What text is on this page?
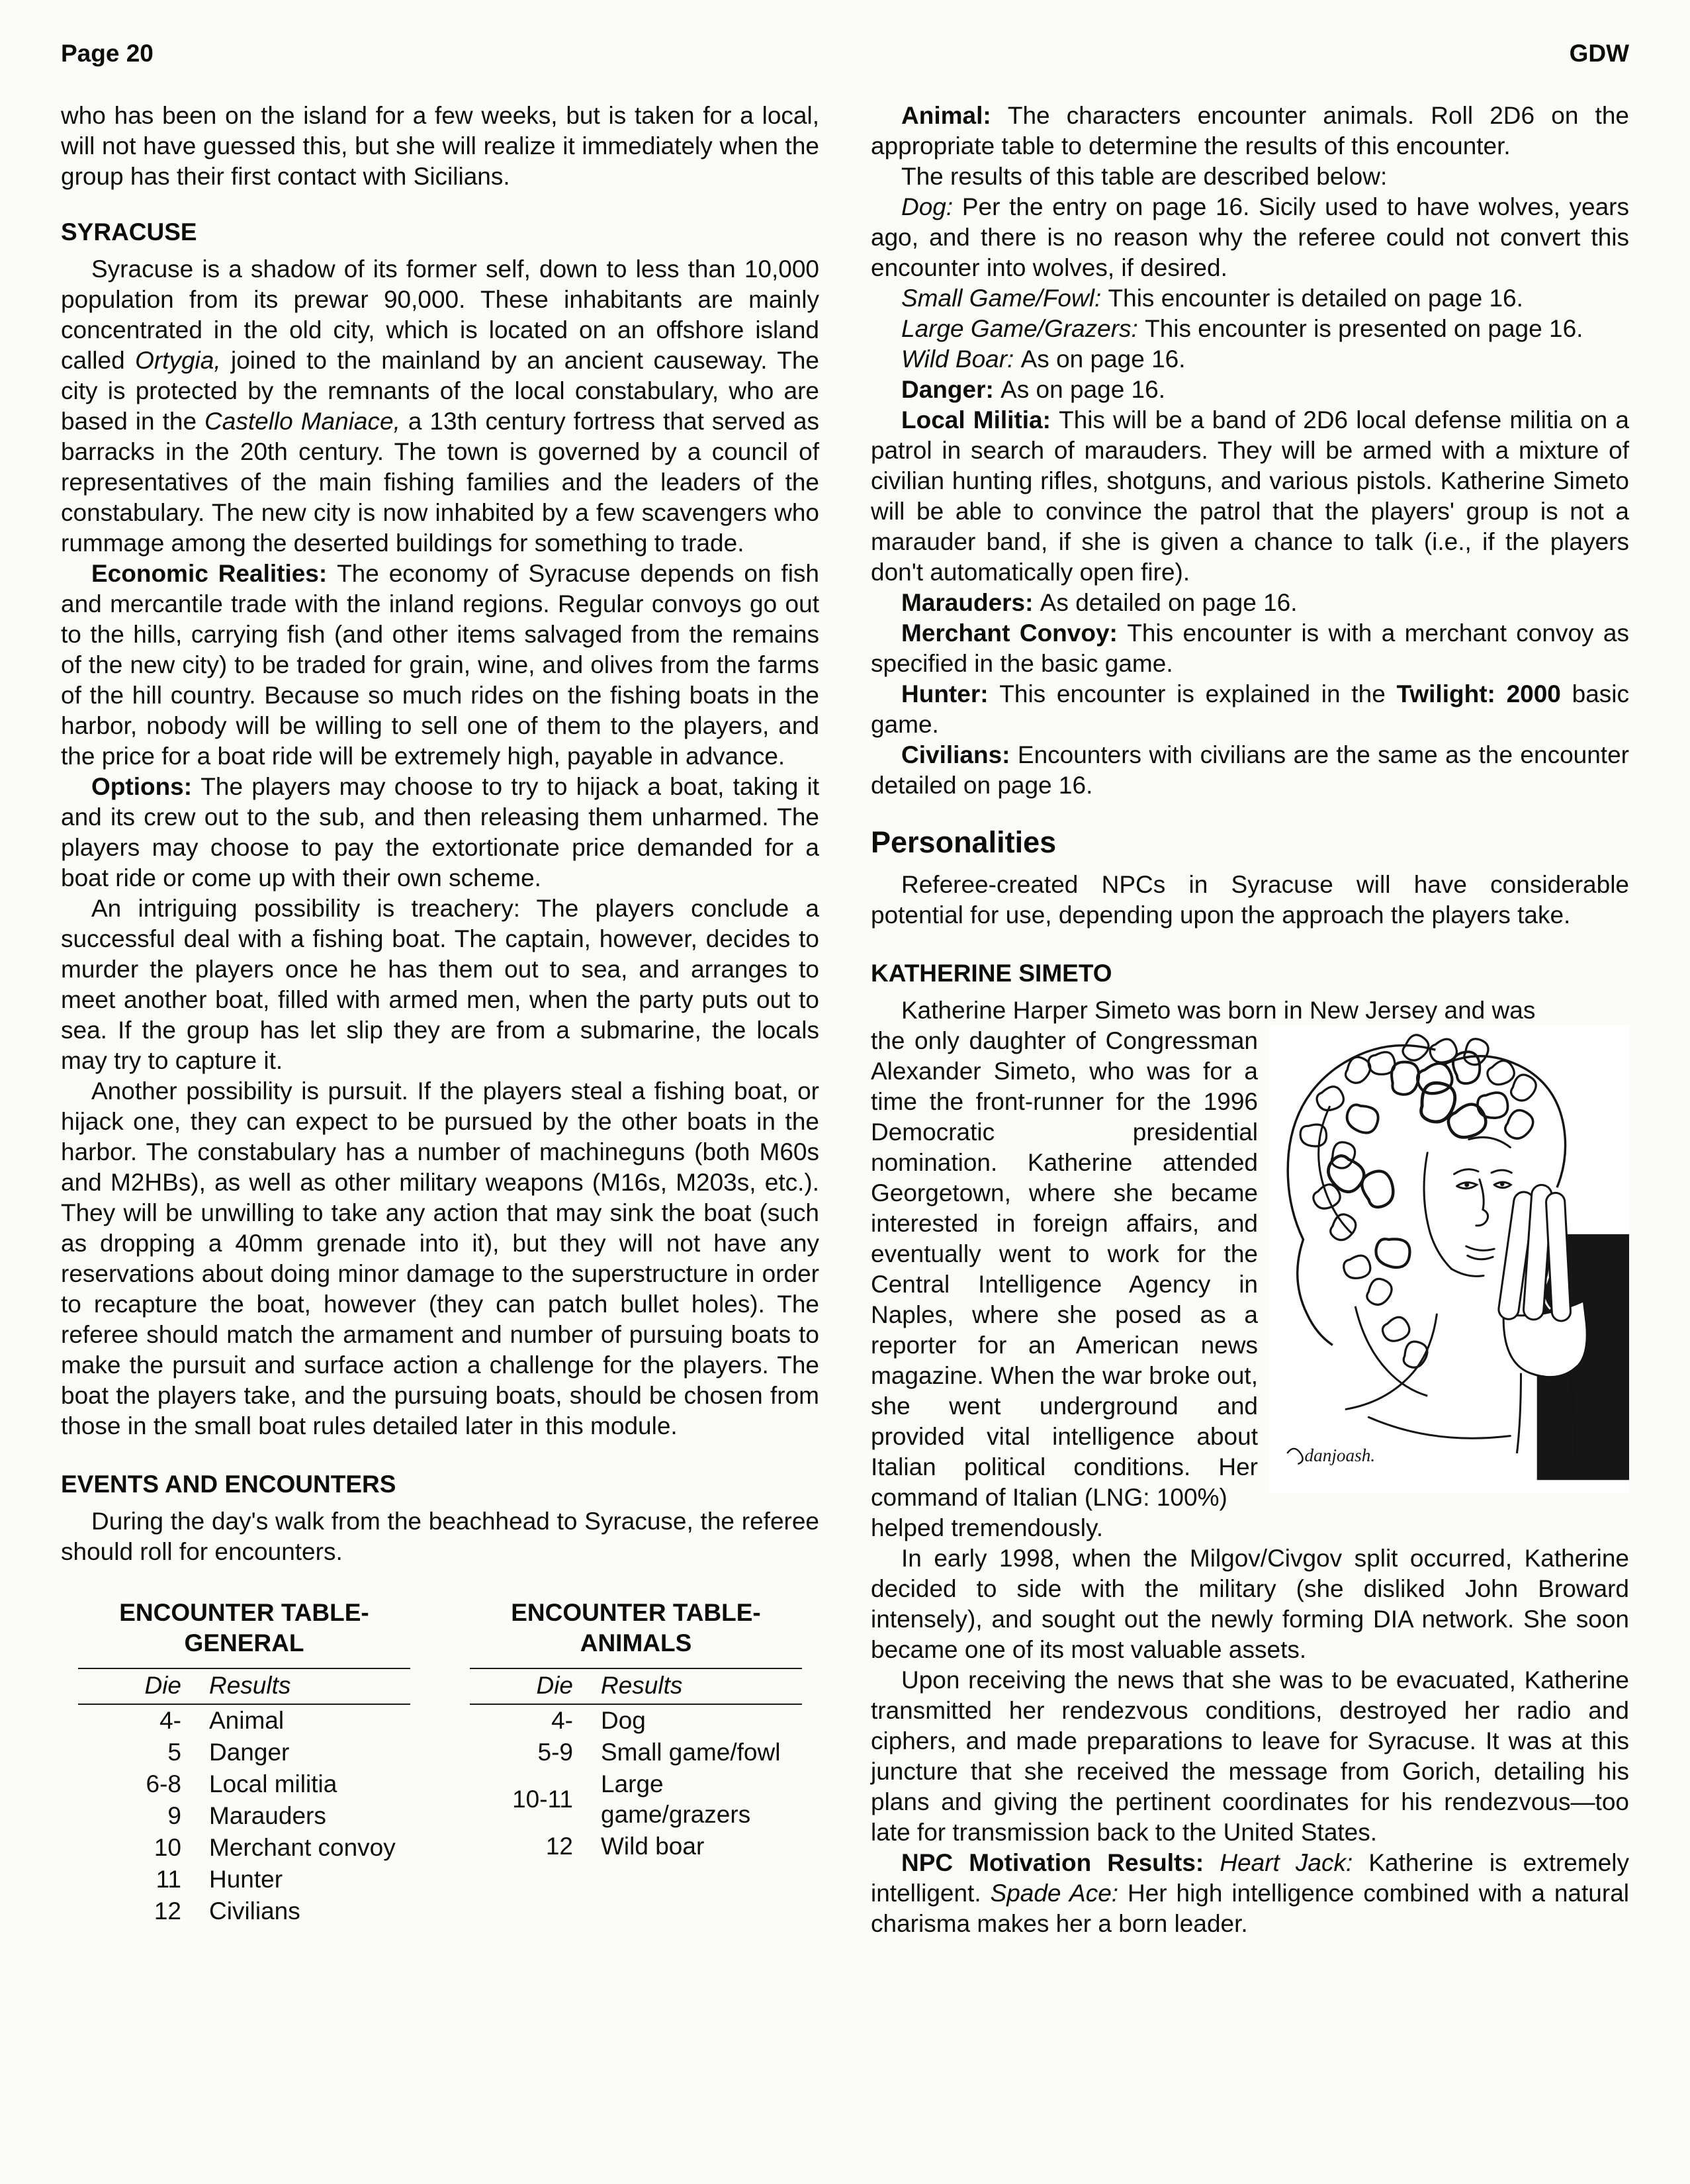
Page 20	GDW

who has been on the island for a few weeks, but is taken for a local, will not have guessed this, but she will realize it immediately when the group has their first contact with Sicilians.

SYRACUSE

Syracuse is a shadow of its former self, down to less than 10,000 population from its prewar 90,000. These inhabitants are mainly concentrated in the old city, which is located on an offshore island called Ortygia, joined to the mainland by an ancient causeway. The city is protected by the remnants of the local constabulary, who are based in the Castello Maniace, a 13th century fortress that served as barracks in the 20th century. The town is governed by a council of representatives of the main fishing families and the leaders of the constabulary. The new city is now inhabited by a few scavengers who rummage among the deserted buildings for something to trade.

Economic Realities: The economy of Syracuse depends on fish and mercantile trade with the inland regions. Regular convoys go out to the hills, carrying fish (and other items salvaged from the remains of the new city) to be traded for grain, wine, and olives from the farms of the hill country. Because so much rides on the fishing boats in the harbor, nobody will be willing to sell one of them to the players, and the price for a boat ride will be extremely high, payable in advance.

Options: The players may choose to try to hijack a boat, taking it and its crew out to the sub, and then releasing them unharmed. The players may choose to pay the extortionate price demanded for a boat ride or come up with their own scheme.

An intriguing possibility is treachery: The players conclude a successful deal with a fishing boat. The captain, however, decides to murder the players once he has them out to sea, and arranges to meet another boat, filled with armed men, when the party puts out to sea. If the group has let slip they are from a submarine, the locals may try to capture it.

Another possibility is pursuit. If the players steal a fishing boat, or hijack one, they can expect to be pursued by the other boats in the harbor. The constabulary has a number of machineguns (both M60s and M2HBs), as well as other military weapons (M16s, M203s, etc.). They will be unwilling to take any action that may sink the boat (such as dropping a 40mm grenade into it), but they will not have any reservations about doing minor damage to the superstructure in order to recapture the boat, however (they can patch bullet holes). The referee should match the armament and number of pursuing boats to make the pursuit and surface action a challenge for the players. The boat the players take, and the pursuing boats, should be chosen from those in the small boat rules detailed later in this module.

EVENTS AND ENCOUNTERS

During the day's walk from the beachhead to Syracuse, the referee should roll for encounters.

ENCOUNTER TABLE-
GENERAL
Die	Results
4-	Animal
5	Danger
6-8	Local militia
9	Marauders
10	Merchant convoy
11	Hunter
12	Civilians
ENCOUNTER TABLE-
ANIMALS
Die	Results
4-	Dog
5-9	Small game/fowl
10-11	Large game/grazers
12	Wild boar

Animal: The characters encounter animals. Roll 2D6 on the appropriate table to determine the results of this encounter.

The results of this table are described below:

Dog: Per the entry on page 16. Sicily used to have wolves, years ago, and there is no reason why the referee could not convert this encounter into wolves, if desired.

Small Game/Fowl: This encounter is detailed on page 16.

Large Game/Grazers: This encounter is presented on page 16.

Wild Boar: As on page 16.

Danger: As on page 16.

Local Militia: This will be a band of 2D6 local defense militia on a patrol in search of marauders. They will be armed with a mixture of civilian hunting rifles, shotguns, and various pistols. Katherine Simeto will be able to convince the patrol that the players' group is not a marauder band, if she is given a chance to talk (i.e., if the players don't automatically open fire).

Marauders: As detailed on page 16.

Merchant Convoy: This encounter is with a merchant convoy as specified in the basic game.

Hunter: This encounter is explained in the Twilight: 2000 basic game.

Civilians: Encounters with civilians are the same as the encounter detailed on page 16.

Personalities

Referee-created NPCs in Syracuse will have considerable potential for use, depending upon the approach the players take.

KATHERINE SIMETO

Katherine Harper Simeto was born in New Jersey and was

the only daughter of Congressman Alexander Simeto, who was for a time the front-runner for the 1996 Democratic presidential nomination. Katherine attended Georgetown, where she became interested in foreign affairs, and eventually went to work for the Central Intelligence Agency in Naples, where she posed as a reporter for an American news magazine. When the war broke out, she went underground and provided vital intelligence about Italian political conditions. Her command of Italian (LNG: 100%)
danjoash.

helped tremendously.

In early 1998, when the Milgov/Civgov split occurred, Katherine decided to side with the military (she disliked John Broward intensely), and sought out the newly forming DIA network. She soon became one of its most valuable assets.

Upon receiving the news that she was to be evacuated, Katherine transmitted her rendezvous conditions, destroyed her radio and ciphers, and made preparations to leave for Syracuse. It was at this juncture that she received the message from Gorich, detailing his plans and giving the pertinent coordinates for his rendezvous—too late for transmission back to the United States.

NPC Motivation Results: Heart Jack: Katherine is extremely intelligent. Spade Ace: Her high intelligence combined with a natural charisma makes her a born leader.
